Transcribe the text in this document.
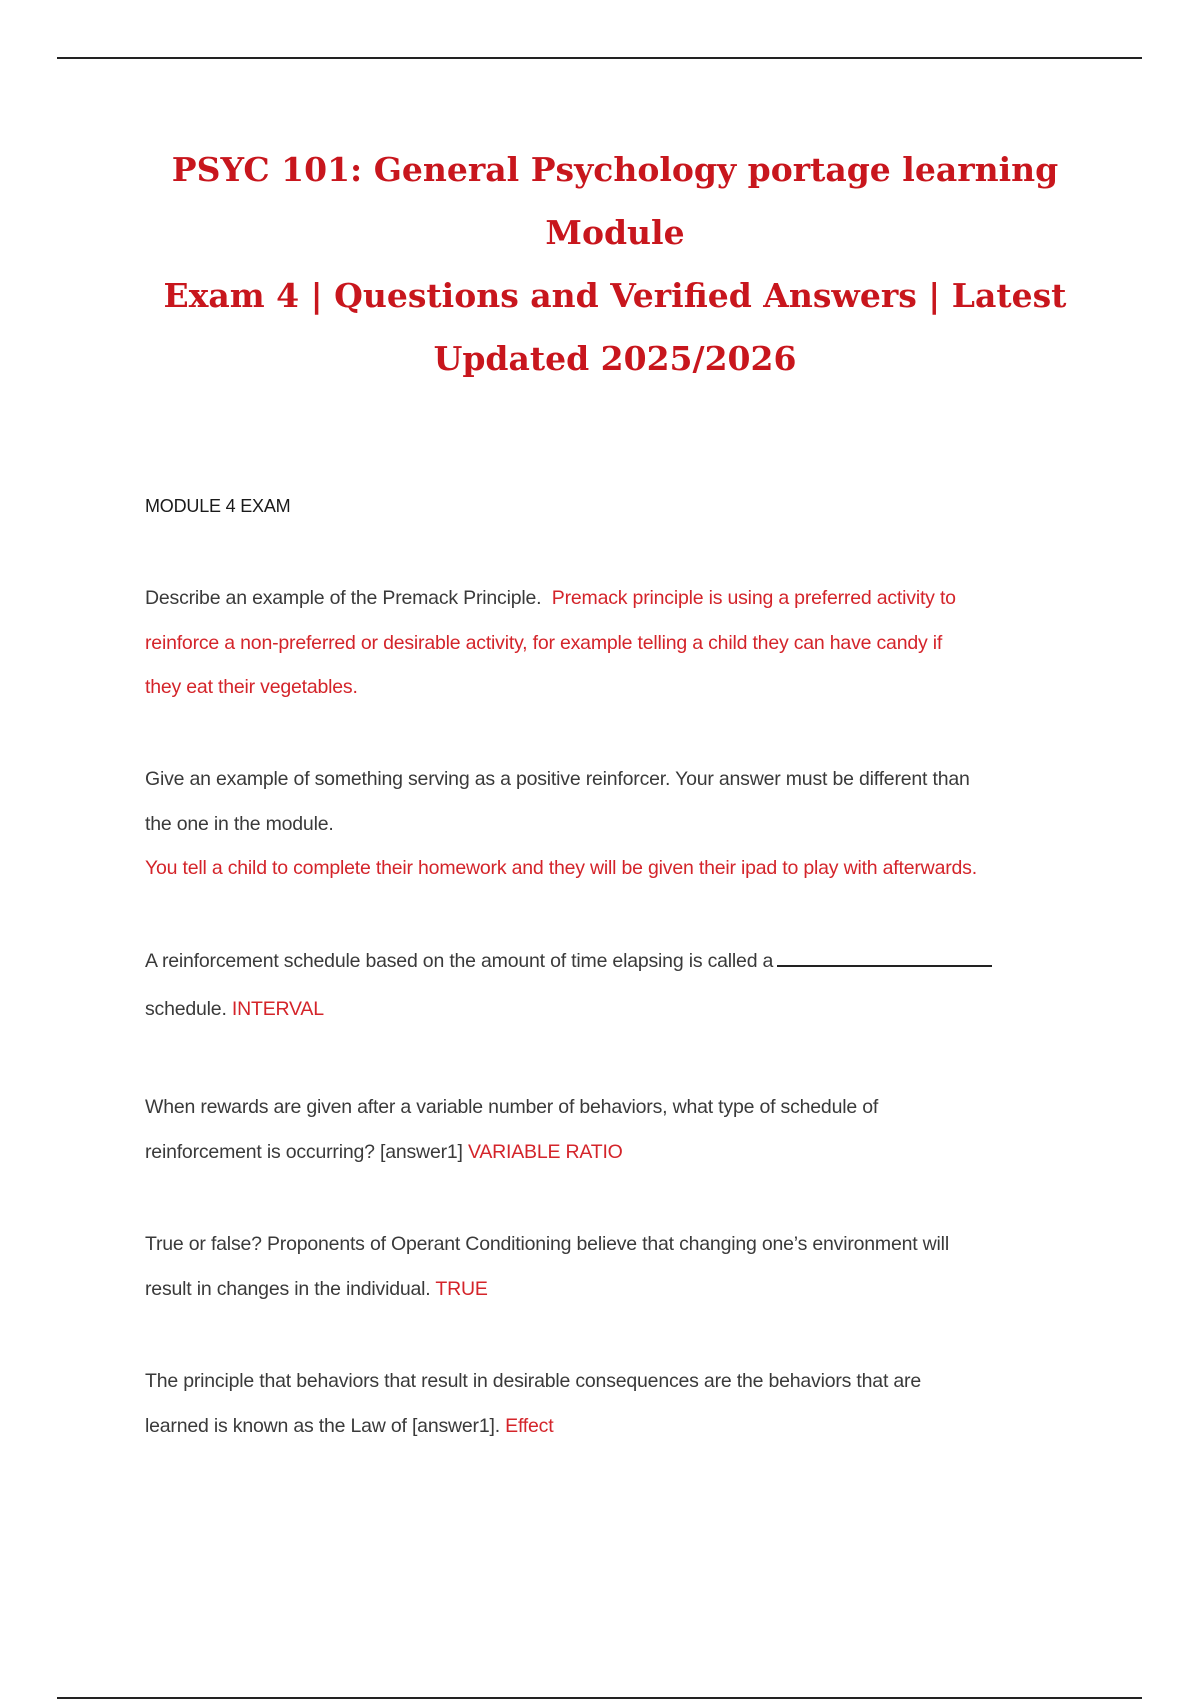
PSYC 101: General Psychology portage learning Module
Exam 4 | Questions and Verified Answers | Latest
Updated 2025/2026
MODULE 4 EXAM
Describe an example of the Premack Principle. Premack principle is using a preferred activity to
reinforce a non-preferred or desirable activity, for example telling a child they can have candy if
they eat their vegetables.
Give an example of something serving as a positive reinforcer. Your answer must be different than
the one in the module.
You tell a child to complete their homework and they will be given their ipad to play with afterwards.
A reinforcement schedule based on the amount of time elapsing is called a
schedule. INTERVAL
When rewards are given after a variable number of behaviors, what type of schedule of
reinforcement is occurring? [answer1] VARIABLE RATIO
True or false? Proponents of Operant Conditioning believe that changing one’s environment will
result in changes in the individual. TRUE
The principle that behaviors that result in desirable consequences are the behaviors that are
learned is known as the Law of [answer1]. Effect
